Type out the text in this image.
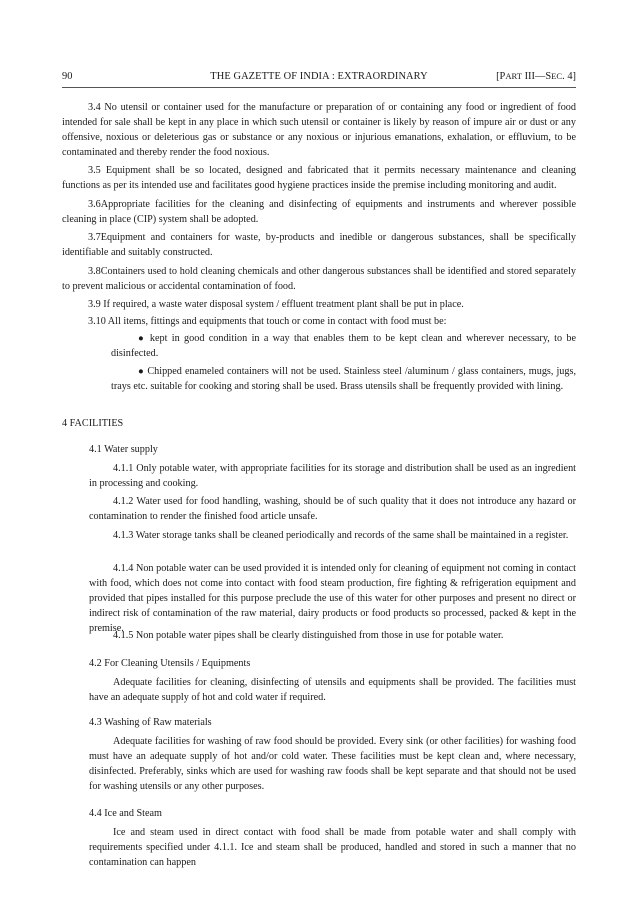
90	THE GAZETTE OF INDIA : EXTRAORDINARY	[PART III—SEC. 4]

3.4 No utensil or container used for the manufacture or preparation of or containing any food or ingredient of food intended for sale shall be kept in any place in which such utensil or container is likely by reason of impure air or dust or any offensive, noxious or deleterious gas or substance or any noxious or injurious emanations, exhalation, or effluvium, to be contaminated and thereby render the food noxious.

3.5 Equipment shall be so located, designed and fabricated that it permits necessary maintenance and cleaning functions as per its intended use and facilitates good hygiene practices inside the premise including monitoring and audit.

3.6Appropriate facilities for the cleaning and disinfecting of equipments and instruments and wherever possible cleaning in place (CIP) system shall be adopted.

3.7Equipment and containers for waste, by-products and inedible or dangerous substances, shall be specifically identifiable and suitably constructed.

3.8Containers used to hold cleaning chemicals and other dangerous substances shall be identified and stored separately to prevent malicious or accidental contamination of food.

3.9 If required, a waste water disposal system / effluent treatment plant shall be put in place.

3.10 All items, fittings and equipments that touch or come in contact with food must be:

● kept in good condition in a way that enables them to be kept clean and wherever necessary, to be disinfected.

● Chipped enameled containers will not be used. Stainless steel /aluminum / glass containers, mugs, jugs, trays etc. suitable for cooking and storing shall be used. Brass utensils shall be frequently provided with lining.

4 FACILITIES

4.1 Water supply

4.1.1 Only potable water, with appropriate facilities for its storage and distribution shall be used as an ingredient in processing and cooking.

4.1.2 Water used for food handling, washing, should be of such quality that it does not introduce any hazard or contamination to render the finished food article unsafe.

4.1.3 Water storage tanks shall be cleaned periodically and records of the same shall be maintained in a register.

4.1.4 Non potable water can be used provided it is intended only for cleaning of equipment not coming in contact with food, which does not come into contact with food steam production, fire fighting & refrigeration equipment and provided that pipes installed for this purpose preclude the use of this water for other purposes and present no direct or indirect risk of contamination of the raw material, dairy products or food products so processed, packed & kept in the premise.

4.1.5 Non potable water pipes shall be clearly distinguished from those in use for potable water.

4.2 For Cleaning Utensils / Equipments

Adequate facilities for cleaning, disinfecting of utensils and equipments shall be provided. The facilities must have an adequate supply of hot and cold water if required.

4.3 Washing of Raw materials

Adequate facilities for washing of raw food should be provided. Every sink (or other facilities) for washing food must have an adequate supply of hot and/or cold water. These facilities must be kept clean and, where necessary, disinfected. Preferably, sinks which are used for washing raw foods shall be kept separate and that should not be used for washing utensils or any other purposes.

4.4 Ice and Steam

Ice and steam used in direct contact with food shall be made from potable water and shall comply with requirements specified under 4.1.1. Ice and steam shall be produced, handled and stored in such a manner that no contamination can happen
